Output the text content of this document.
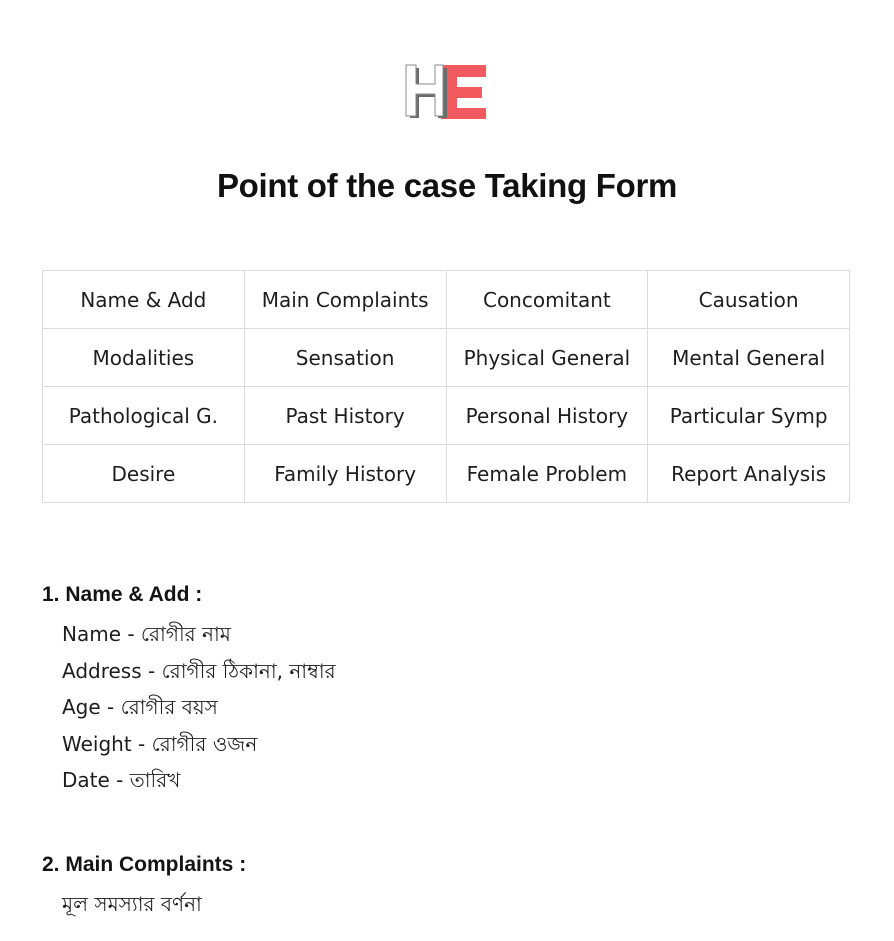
Point of the case Taking Form
Name & Add	Main Complaints	Concomitant	Causation
Modalities	Sensation	Physical General	Mental General
Pathological G.	Past History	Personal History	Particular Symp
Desire	Family History	Female Problem	Report Analysis
1. Name & Add :
Name - রোগীর নাম
Address - রোগীর ঠিকানা, নাম্বার
Age - রোগীর বয়স
Weight - রোগীর ওজন
Date - তারিখ
2. Main Complaints :
মূল সমস্যার বর্ণনা
